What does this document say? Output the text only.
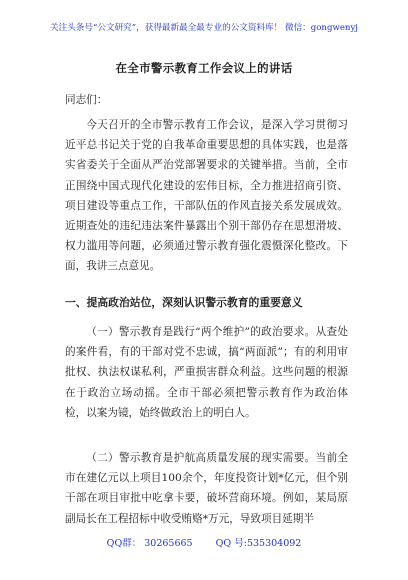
关注头条号“公文研究”，获得最新最全最专业的公文资料库！ 微信：gongwenyj
在全市警示教育工作会议上的讲话
同志们：

今天召开的全市警示教育工作会议，是深入学习贯彻习近平总书记关于党的自我革命重要思想的具体实践，也是落实省委关于全面从严治党部署要求的关键举措。当前，全市正围绕中国式现代化建设的宏伟目标，全力推进招商引资、项目建设等重点工作，干部队伍的作风直接关系发展成效。近期查处的违纪违法案件暴露出个别干部仍存在思想滑坡、权力滥用等问题，必须通过警示教育强化震慑深化整改。下面，我讲三点意见。

一、提高政治站位，深刻认识警示教育的重要意义

（一）警示教育是践行“两个维护”的政治要求。从查处的案件看，有的干部对党不忠诚，搞“两面派”；有的利用审批权、执法权谋私利，严重损害群众利益。这些问题的根源在于政治立场动摇。全市干部必须把警示教育作为政治体检，以案为镜，始终做政治上的明白人。

（二）警示教育是护航高质量发展的现实需要。当前全市在建亿元以上项目100余个，年度投资计划*亿元，但个别干部在项目审批中吃拿卡要，破坏营商环境。例如，某局原副局长在工程招标中收受贿赂*万元，导致项目延期半

QQ群： 30265665 QQ 号:535304092
